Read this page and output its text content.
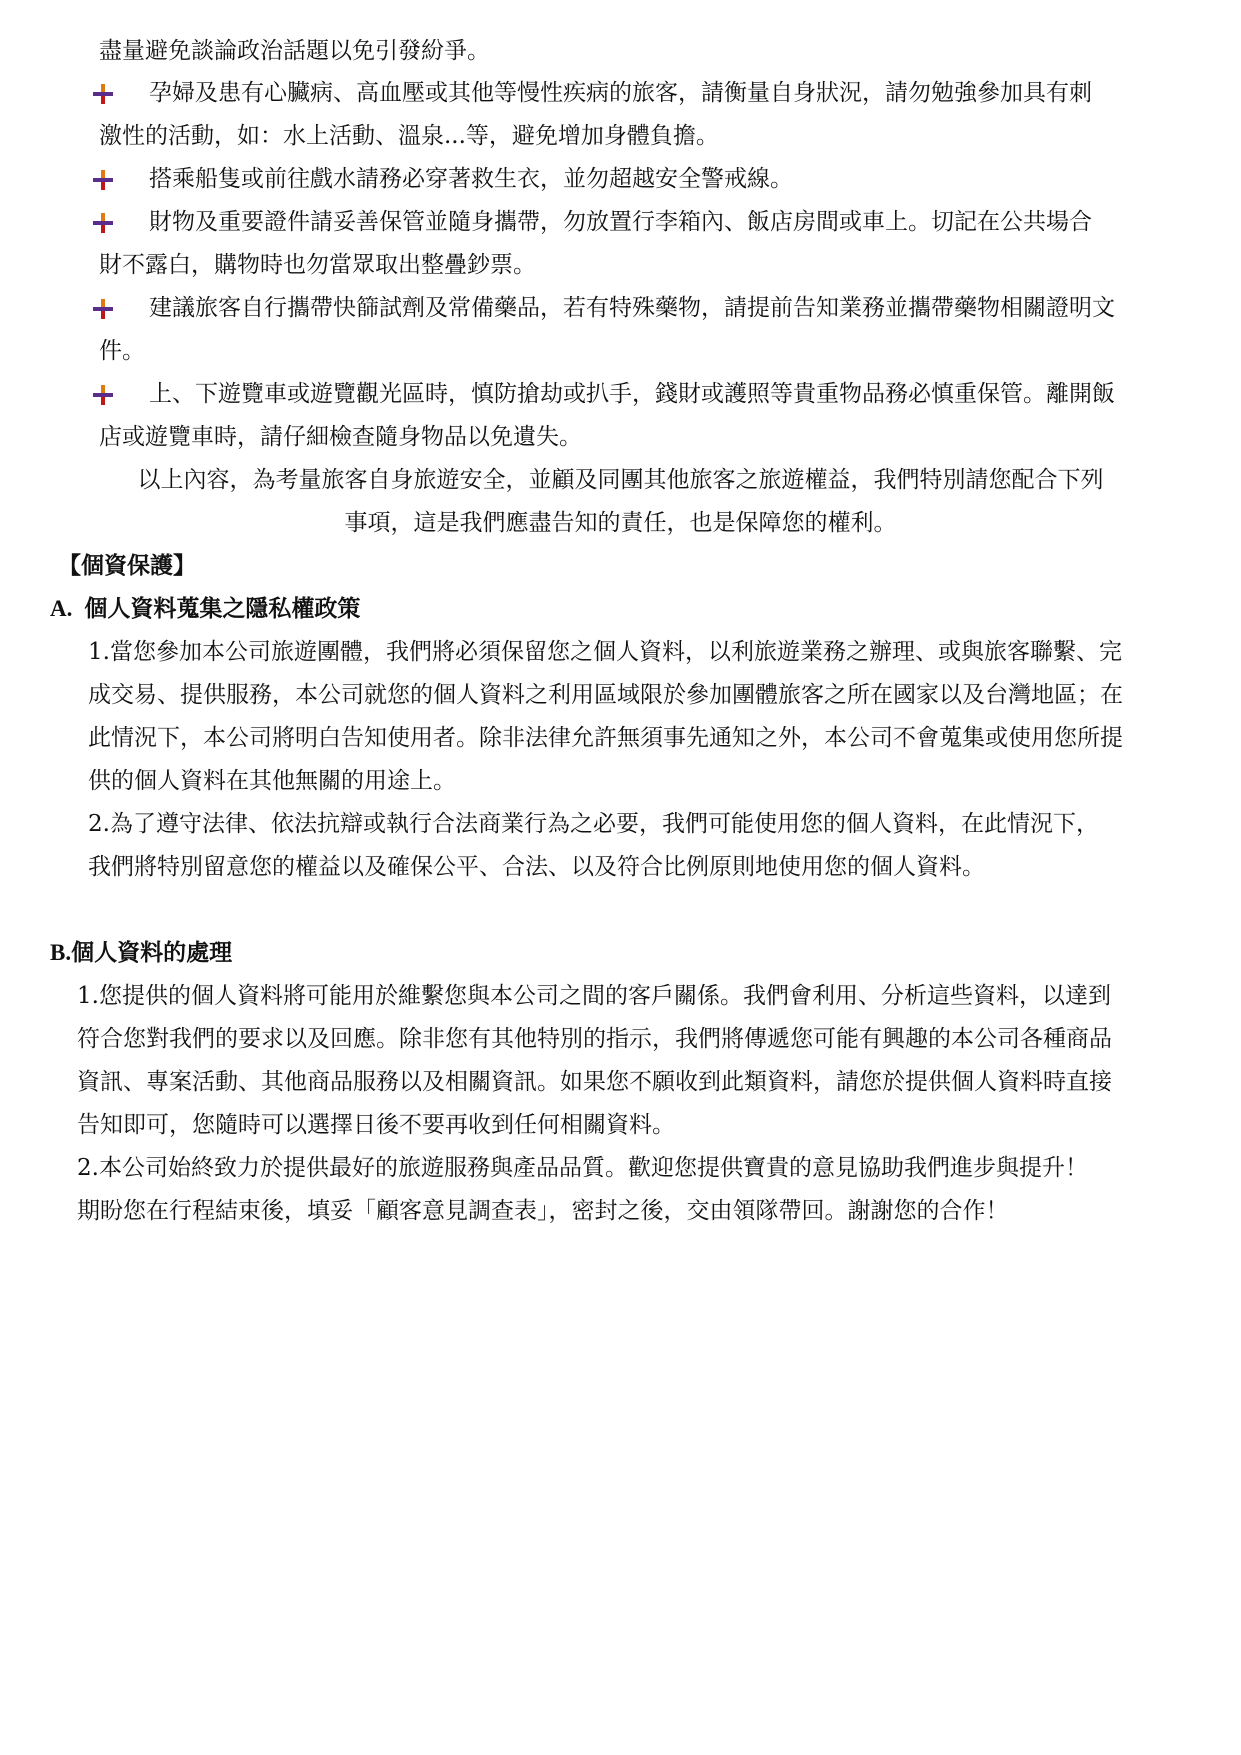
盡量避免談論政治話題以免引發紛爭。
孕婦及患有心臟病、高血壓或其他等慢性疾病的旅客，請衡量自身狀況，請勿勉強參加具有刺
激性的活動，如：水上活動、溫泉...等，避免增加身體負擔。
搭乘船隻或前往戲水請務必穿著救生衣，並勿超越安全警戒線。
財物及重要證件請妥善保管並隨身攜帶，勿放置行李箱內、飯店房間或車上。切記在公共場合
財不露白，購物時也勿當眾取出整疊鈔票。
建議旅客自行攜帶快篩試劑及常備藥品，若有特殊藥物，請提前告知業務並攜帶藥物相關證明文
件。
上、下遊覽車或遊覽觀光區時，慎防搶劫或扒手，錢財或護照等貴重物品務必慎重保管。離開飯
店或遊覽車時，請仔細檢查隨身物品以免遺失。
以上內容，為考量旅客自身旅遊安全，並顧及同團其他旅客之旅遊權益，我們特別請您配合下列
事項，這是我們應盡告知的責任，也是保障您的權利。
【個資保護】
A. 個人資料蒐集之隱私權政策
1.當您參加本公司旅遊團體，我們將必須保留您之個人資料，以利旅遊業務之辦理、或與旅客聯繫、完
成交易、提供服務，本公司就您的個人資料之利用區域限於參加團體旅客之所在國家以及台灣地區；在
此情況下，本公司將明白告知使用者。除非法律允許無須事先通知之外，本公司不會蒐集或使用您所提
供的個人資料在其他無關的用途上。
2.為了遵守法律、依法抗辯或執行合法商業行為之必要，我們可能使用您的個人資料，在此情況下，
我們將特別留意您的權益以及確保公平、合法、以及符合比例原則地使用您的個人資料。
B.個人資料的處理
1.您提供的個人資料將可能用於維繫您與本公司之間的客戶關係。我們會利用、分析這些資料，以達到
符合您對我們的要求以及回應。除非您有其他特別的指示，我們將傳遞您可能有興趣的本公司各種商品
資訊、專案活動、其他商品服務以及相關資訊。如果您不願收到此類資料，請您於提供個人資料時直接
告知即可，您隨時可以選擇日後不要再收到任何相關資料。
2.本公司始終致力於提供最好的旅遊服務與產品品質。歡迎您提供寶貴的意見協助我們進步與提升！
期盼您在行程結束後，填妥「顧客意見調查表」，密封之後，交由領隊帶回。謝謝您的合作！
